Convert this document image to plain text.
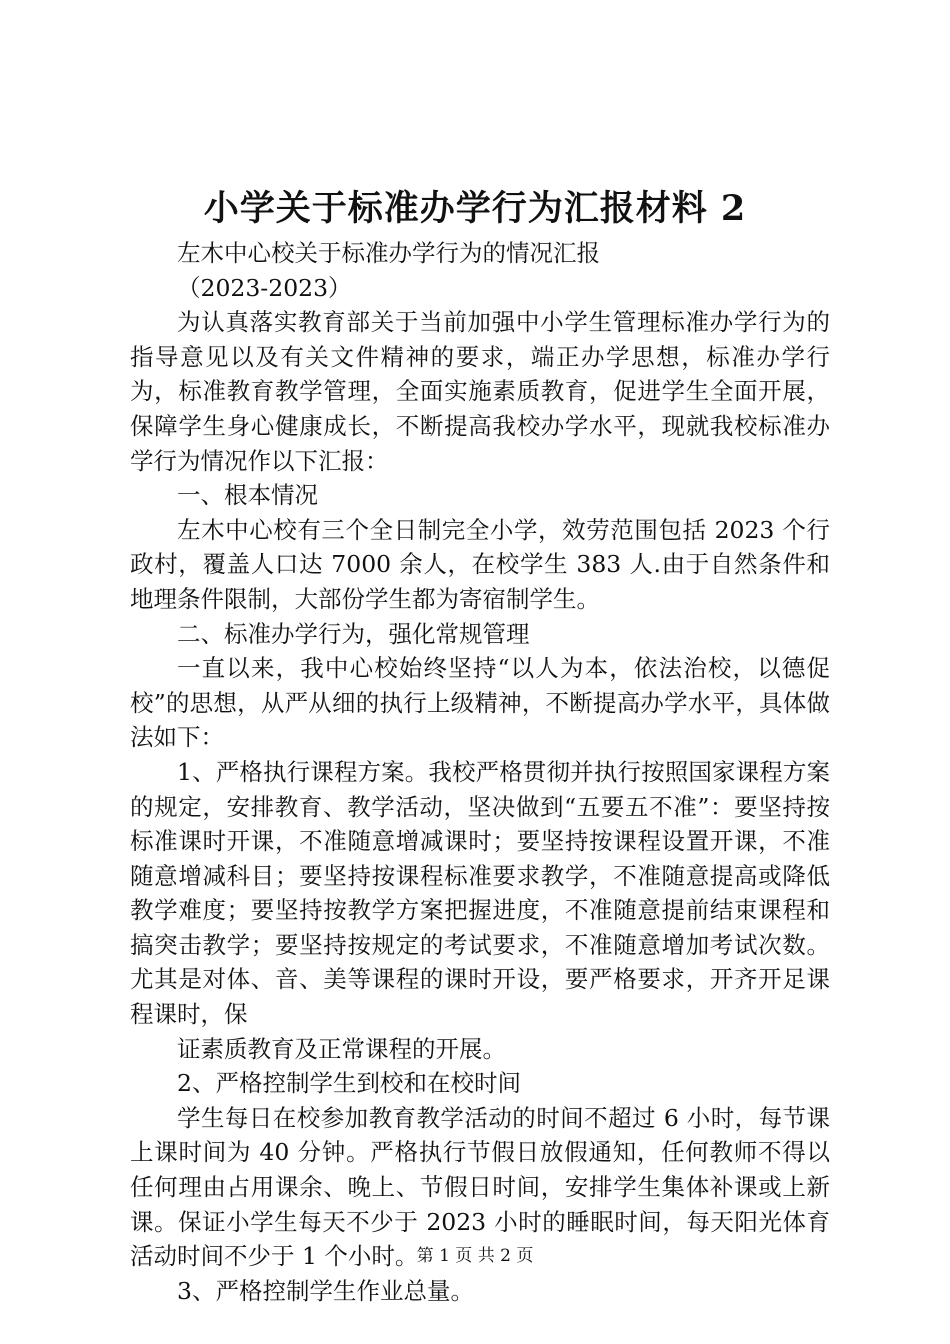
小学关于标准办学行为汇报材料 2

左木中心校关于标准办学行为的情况汇报

（2023-2023）

为认真落实教育部关于当前加强中小学生管理标准办学行为的指导意见以及有关文件精神的要求，端正办学思想，标准办学行为，标准教育教学管理，全面实施素质教育，促进学生全面开展，保障学生身心健康成长，不断提高我校办学水平，现就我校标准办学行为情况作以下汇报：

一、根本情况

左木中心校有三个全日制完全小学，效劳范围包括 2023 个行政村，覆盖人口达 7000 余人，在校学生 383 人.由于自然条件和地理条件限制，大部份学生都为寄宿制学生。

二、标准办学行为，强化常规管理

一直以来，我中心校始终坚持“以人为本，依法治校，以德促校”的思想，从严从细的执行上级精神，不断提高办学水平，具体做法如下：

1、严格执行课程方案。我校严格贯彻并执行按照国家课程方案的规定，安排教育、教学活动，坚决做到“五要五不准”：要坚持按标准课时开课，不准随意增减课时；要坚持按课程设置开课，不准随意增减科目；要坚持按课程标准要求教学，不准随意提高或降低教学难度；要坚持按教学方案把握进度，不准随意提前结束课程和搞突击教学；要坚持按规定的考试要求，不准随意增加考试次数。尤其是对体、音、美等课程的课时开设，要严格要求，开齐开足课程课时，保

证素质教育及正常课程的开展。

2、严格控制学生到校和在校时间

学生每日在校参加教育教学活动的时间不超过 6 小时，每节课上课时间为 40 分钟。严格执行节假日放假通知，任何教师不得以任何理由占用课余、晚上、节假日时间，安排学生集体补课或上新课。保证小学生每天不少于 2023 小时的睡眠时间，每天阳光体育活动时间不少于 1 个小时。

3、严格控制学生作业总量。

第 1 页 共 2 页
